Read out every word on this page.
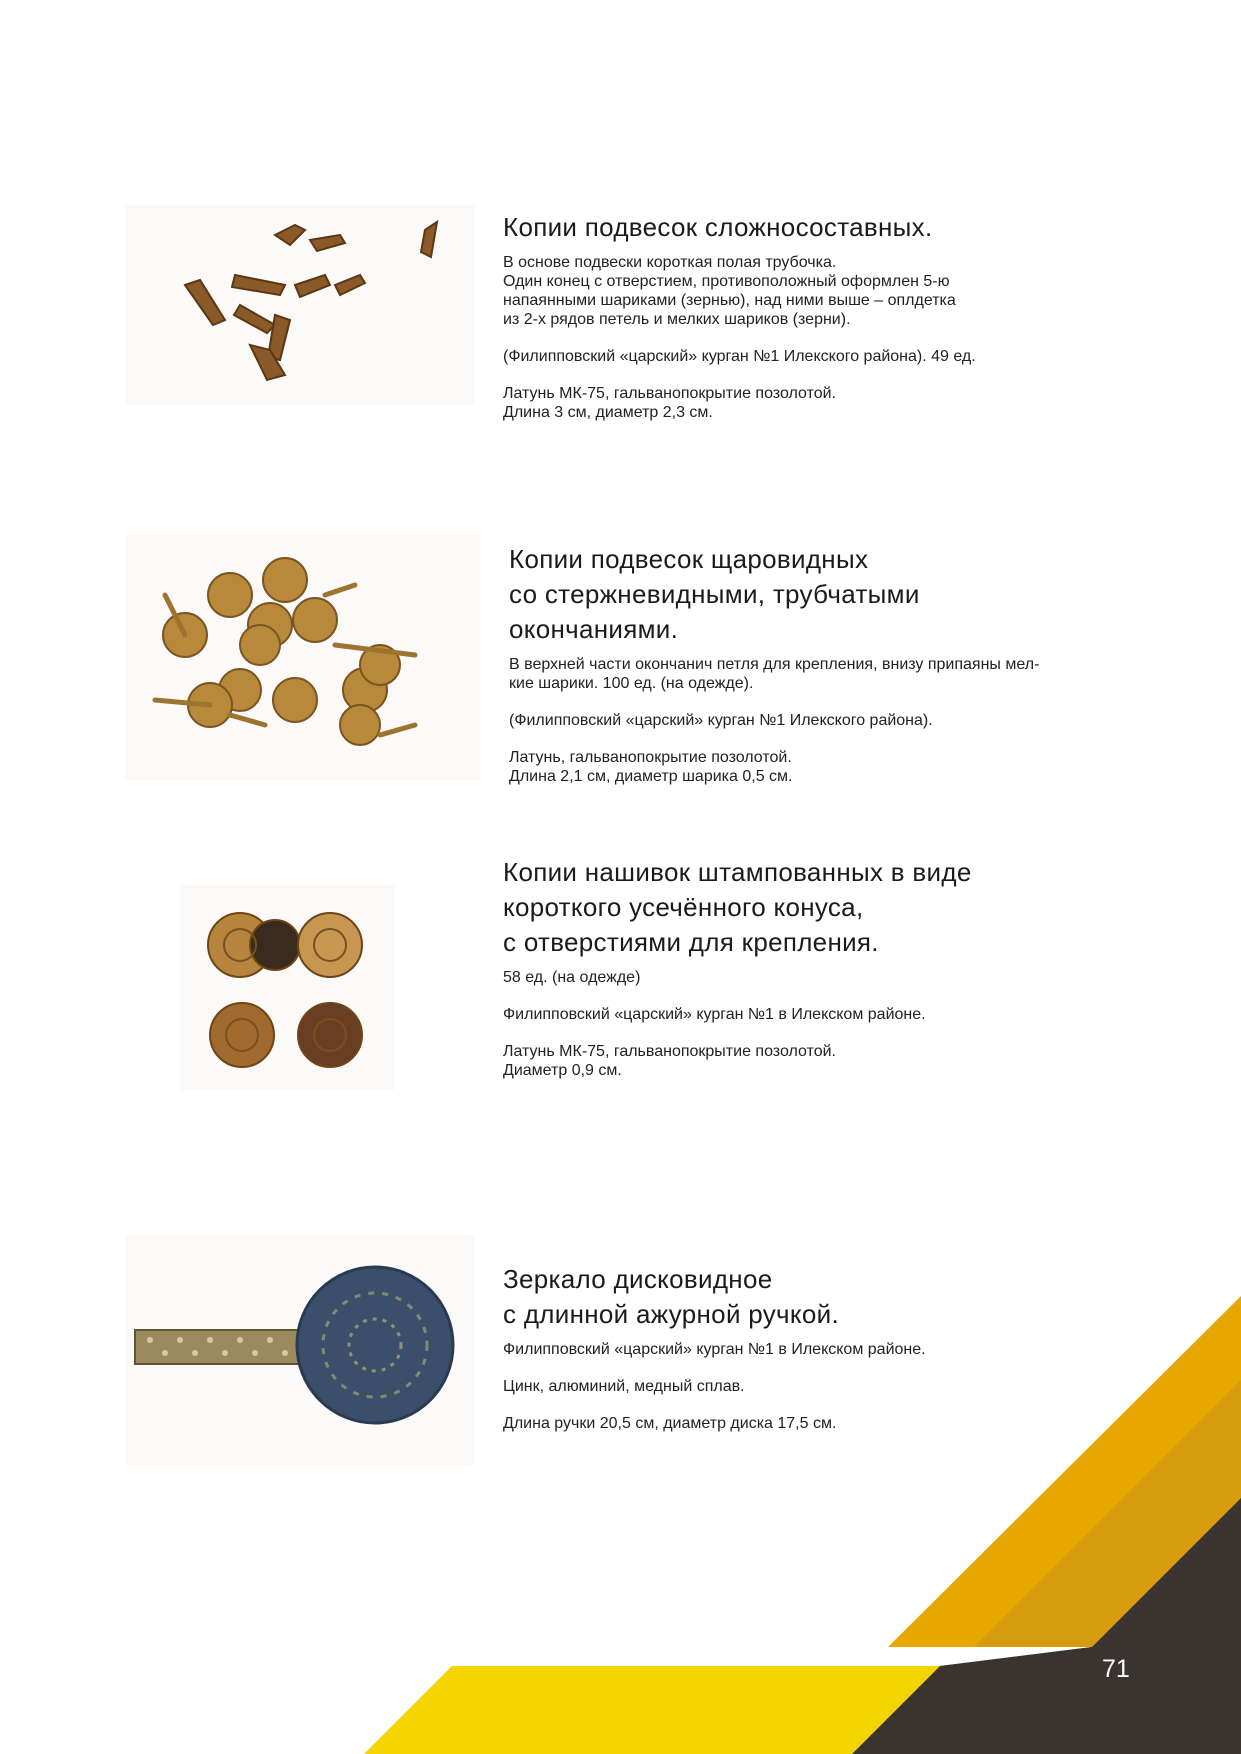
Копии подвесок сложносоставных.

В основе подвески короткая полая трубочка.

Один конец с отверстием, противоположный оформлен 5-ю

напаянными шариками (зернью), над ними выше – оплдетка

из 2-х рядов петель и мелких шариков (зерни).

(Филипповский «царский» курган №1 Илекского района). 49 ед.

Латунь МК-75, гальванопокрытие позолотой.

Длина 3 см, диаметр 2,3 см.

Копии подвесок щаровидных
со стержневидными, трубчатыми
окончаниями.

В верхней части окончанич петля для крепления, внизу припаяны мел-

кие шарики. 100 ед. (на одежде).

(Филипповский «царский» курган №1 Илекского района).

Латунь, гальванопокрытие позолотой.

Длина 2,1 см, диаметр шарика 0,5 см.

Копии нашивок штампованных в виде
короткого усечённого конуса,
с отверстиями для крепления.

58 ед. (на одежде)

Филипповский «царский» курган №1 в Илекском районе.

Латунь МК-75, гальванопокрытие позолотой.

Диаметр 0,9 см.

Зеркало дисковидное
с длинной ажурной ручкой.

Филипповский «царский» курган №1 в Илекском районе.

Цинк, алюминий, медный сплав.

Длина ручки 20,5 см, диаметр диска 17,5 см.

71
